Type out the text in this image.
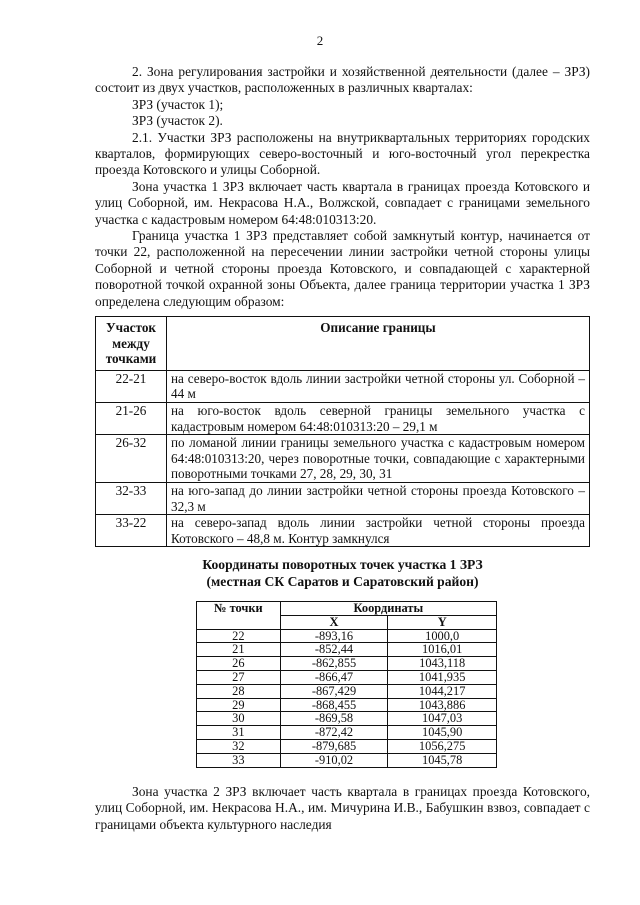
2

2. Зона регулирования застройки и хозяйственной деятельности (далее – ЗРЗ) состоит из двух участков, расположенных в различных кварталах:

ЗРЗ (участок 1);

ЗРЗ (участок 2).

2.1. Участки ЗРЗ расположены на внутриквартальных территориях городских кварталов, формирующих северо-восточный и юго-восточный угол перекрестка проезда Котовского и улицы Соборной.

Зона участка 1 ЗРЗ включает часть квартала в границах проезда Котовского и улиц Соборной, им. Некрасова Н.А., Волжской, совпадает с границами земельного участка с кадастровым номером 64:48:010313:20.

Граница участка 1 ЗРЗ представляет собой замкнутый контур, начинается от точки 22, расположенной на пересечении линии застройки четной стороны улицы Соборной и четной стороны проезда Котовского, и совпадающей с характерной поворотной точкой охранной зоны Объекта, далее граница территории участка 1 ЗРЗ определена следующим образом:

Участок между точками	Описание границы
22-21	на северо-восток вдоль линии застройки четной стороны ул. Соборной – 44 м
21-26	на юго-восток вдоль северной границы земельного участка с кадастровым номером 64:48:010313:20 – 29,1 м
26-32	по ломаной линии границы земельного участка с кадастровым номером 64:48:010313:20, через поворотные точки, совпадающие с характерными поворотными точками 27, 28, 29, 30, 31
32-33	на юго-запад до линии застройки четной стороны проезда Котовского – 32,3 м
33-22	на северо-запад вдоль линии застройки четной стороны проезда Котовского – 48,8 м. Контур замкнулся
Координаты поворотных точек участка 1 ЗРЗ
(местная СК Саратов и Саратовский район)
№ точки	Координаты	
	X	Y
22	-893,16	1000,0
21	-852,44	1016,01
26	-862,855	1043,118
27	-866,47	1041,935
28	-867,429	1044,217
29	-868,455	1043,886
30	-869,58	1047,03
31	-872,42	1045,90
32	-879,685	1056,275
33	-910,02	1045,78

Зона участка 2 ЗРЗ включает часть квартала в границах проезда Котовского, улиц Соборной, им. Некрасова Н.А., им. Мичурина И.В., Бабушкин взвоз, совпадает с границами объекта культурного наследия
